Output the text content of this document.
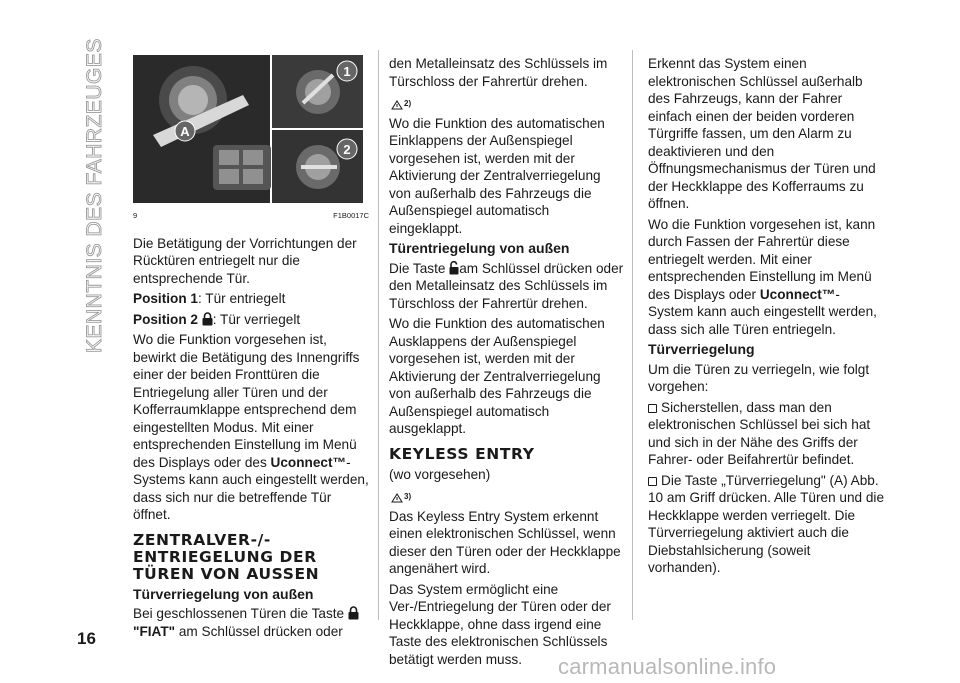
KENNTNIS DES FAHRZEUGES
16
carmanualsonline.info
A
1
2
9	F1B0017C

Die Betätigung der Vorrichtungen der Rücktüren entriegelt nur die entsprechende Tür.

Position 1: Tür entriegelt

Position 2 : Tür verriegelt

Wo die Funktion vorgesehen ist, bewirkt die Betätigung des Innengriffs einer der beiden Fronttüren die Entriegelung aller Türen und der Kofferraumklappe entsprechend dem eingestellten Modus. Mit einer entsprechenden Einstellung im Menü des Displays oder des Uconnect™-Systems kann auch eingestellt werden, dass sich nur die betreffende Tür öffnet.

ZENTRALVER-/-ENTRIEGELUNG DER TÜREN VON AUSSEN
Türverriegelung von außen

Bei geschlossenen Türen die Taste
"FIAT" am Schlüssel drücken oder

den Metalleinsatz des Schlüssels im Türschloss der Fahrertür drehen.

$^{2)}$

Wo die Funktion des automatischen Einklappens der Außenspiegel vorgesehen ist, werden mit der Aktivierung der Zentralverriegelung von außerhalb des Fahrzeugs die Außenspiegel automatisch eingeklappt.

Türentriegelung von außen

Die Taste am Schlüssel drücken oder den Metalleinsatz des Schlüssels im Türschloss der Fahrertür drehen.

Wo die Funktion des automatischen Ausklappens der Außenspiegel vorgesehen ist, werden mit der Aktivierung der Zentralverriegelung von außerhalb des Fahrzeugs die Außenspiegel automatisch ausgeklappt.

KEYLESS ENTRY

(wo vorgesehen)

$^{3)}$

Das Keyless Entry System erkennt einen elektronischen Schlüssel, wenn dieser den Türen oder der Heckklappe angenähert wird.

Das System ermöglicht eine Ver-/Entriegelung der Türen oder der Heckklappe, ohne dass irgend eine Taste des elektronischen Schlüssels betätigt werden muss.

Erkennt das System einen elektronischen Schlüssel außerhalb des Fahrzeugs, kann der Fahrer einfach einen der beiden vorderen Türgriffe fassen, um den Alarm zu deaktivieren und den Öffnungsmechanismus der Türen und der Heckklappe des Kofferraums zu öffnen.

Wo die Funktion vorgesehen ist, kann durch Fassen der Fahrertür diese entriegelt werden. Mit einer entsprechenden Einstellung im Menü des Displays oder Uconnect™-System kann auch eingestellt werden, dass sich alle Türen entriegeln.

Türverriegelung

Um die Türen zu verriegeln, wie folgt vorgehen:

Sicherstellen, dass man den elektronischen Schlüssel bei sich hat und sich in der Nähe des Griffs der Fahrer- oder Beifahrertür befindet.

Die Taste „Türverriegelung" (A) Abb. 10 am Griff drücken. Alle Türen und die Heckklappe werden verriegelt. Die Türverriegelung aktiviert auch die Diebstahlsicherung (soweit vorhanden).
